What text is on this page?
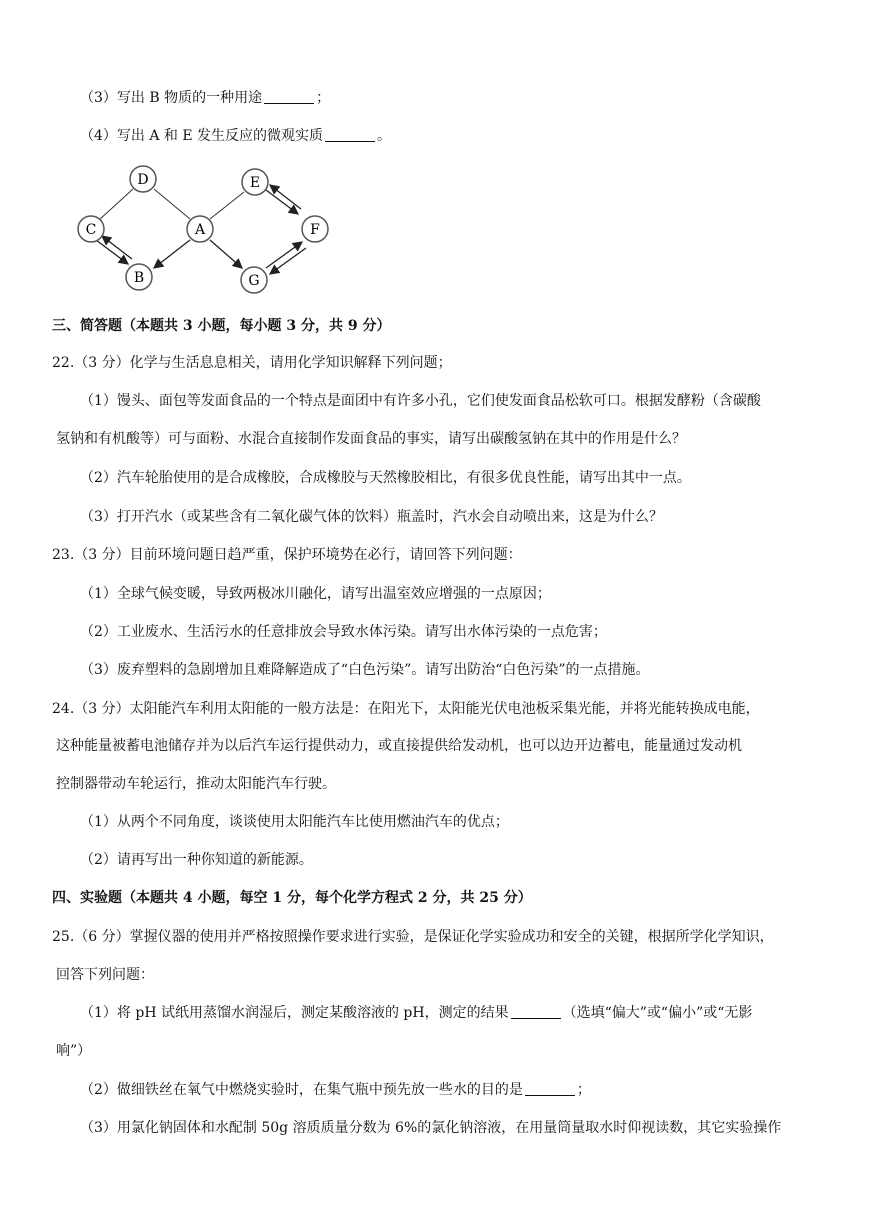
（3）写出 B 物质的一种用途	；
（4）写出 A 和 E 发生反应的微观实质	。
D
C	A
B
E
F
G
三、简答题（本题共 3 小题，每小题 3 分，共 9 分）
22.（3 分）化学与生活息息相关，请用化学知识解释下列问题；
（1）馒头、面包等发面食品的一个特点是面团中有许多小孔，它们使发面食品松软可口。根据发酵粉（含碳酸
氢钠和有机酸等）可与面粉、水混合直接制作发面食品的事实，请写出碳酸氢钠在其中的作用是什么？
（2）汽车轮胎使用的是合成橡胶，合成橡胶与天然橡胶相比，有很多优良性能，请写出其中一点。
（3）打开汽水（或某些含有二氧化碳气体的饮料）瓶盖时，汽水会自动喷出来，这是为什么？
23.（3 分）目前环境问题日趋严重，保护环境势在必行，请回答下列问题：
（1）全球气候变暖，导致两极冰川融化，请写出温室效应增强的一点原因；
（2）工业废水、生活污水的任意排放会导致水体污染。请写出水体污染的一点危害；
（3）废弃塑料的急剧增加且难降解造成了“白色污染”。请写出防治“白色污染”的一点措施。
24.（3 分）太阳能汽车利用太阳能的一般方法是：在阳光下，太阳能光伏电池板采集光能，并将光能转换成电能，
这种能量被蓄电池储存并为以后汽车运行提供动力，或直接提供给发动机，也可以边开边蓄电，能量通过发动机
控制器带动车轮运行，推动太阳能汽车行驶。
（1）从两个不同角度，谈谈使用太阳能汽车比使用燃油汽车的优点；
（2）请再写出一种你知道的新能源。
四、实验题（本题共 4 小题，每空 1 分，每个化学方程式 2 分，共 25 分）
25.（6 分）掌握仪器的使用并严格按照操作要求进行实验，是保证化学实验成功和安全的关键，根据所学化学知识，
回答下列问题：
（1）将 pH 试纸用蒸馏水润湿后，测定某酸溶液的 pH，测定的结果	（选填“偏大”或“偏小”或“无影
响”）
（2）做细铁丝在氧气中燃烧实验时，在集气瓶中预先放一些水的目的是	；
（3）用氯化钠固体和水配制 50g 溶质质量分数为 6%的氯化钠溶液，在用量筒量取水时仰视读数，其它实验操作
